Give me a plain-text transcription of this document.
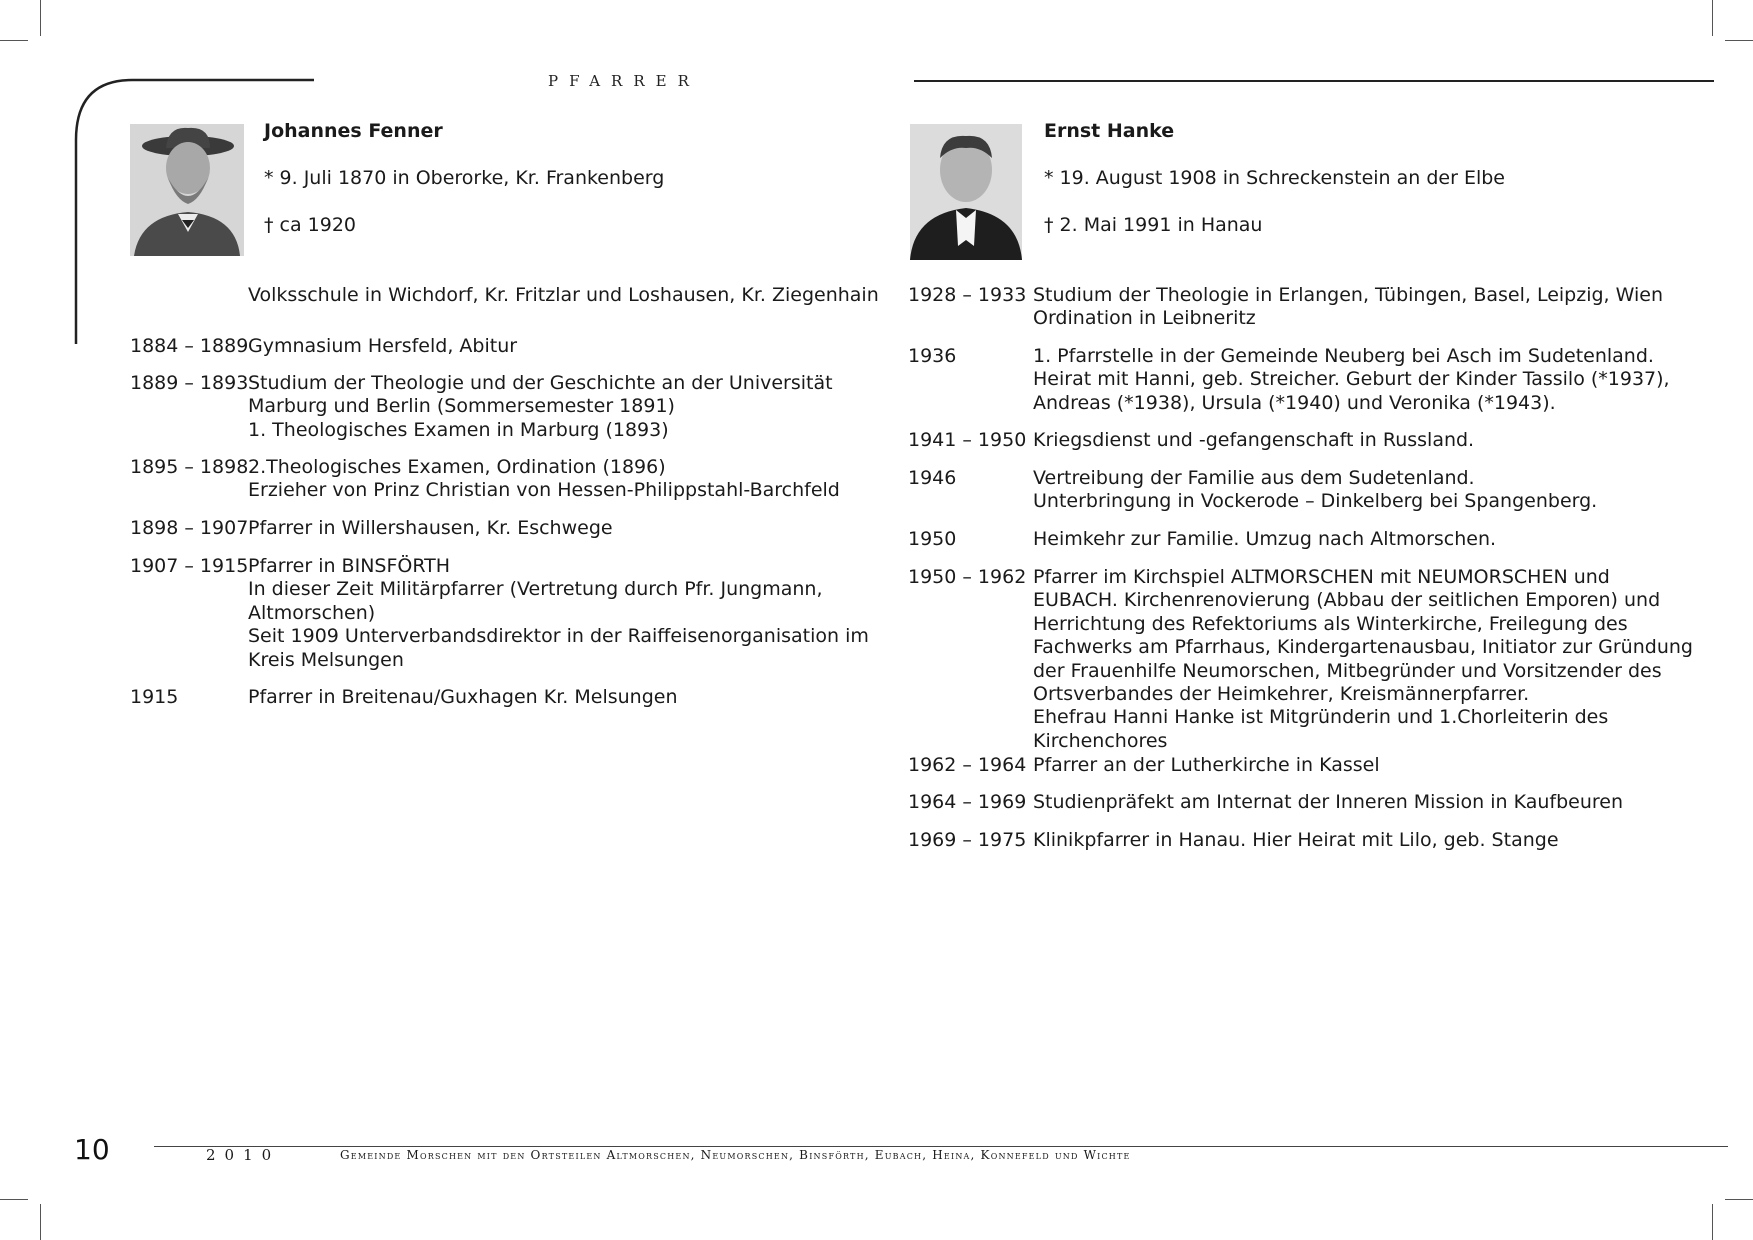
PFARRER
Johannes Fenner
* 9. Juli 1870 in Oberorke, Kr. Frankenberg
† ca 1920
Volksschule in Wichdorf, Kr. Fritzlar und Loshausen, Kr. Ziegenhain
1884 – 1889 Gymnasium Hersfeld, Abitur
1889 – 1893 Studium der Theologie und der Geschichte an der Universität
Marburg und Berlin (Sommersemester 1891)
1. Theologisches Examen in Marburg (1893)
1895 – 1898 2.Theologisches Examen, Ordination (1896)
Erzieher von Prinz Christian von Hessen-Philippstahl-Barchfeld
1898 – 1907 Pfarrer in Willershausen, Kr. Eschwege
1907 – 1915 Pfarrer in BINSFÖRTH
In dieser Zeit Militärpfarrer (Vertretung durch Pfr. Jungmann,
Altmorschen)
Seit 1909 Unterverbandsdirektor in der Raiffeisenorganisation im
Kreis Melsungen
1915	Pfarrer in Breitenau/Guxhagen Kr. Melsungen
Ernst Hanke
* 19. August 1908 in Schreckenstein an der Elbe
† 2. Mai 1991 in Hanau
1928 – 1933 Studium der Theologie in Erlangen, Tübingen, Basel, Leipzig, Wien
Ordination in Leibneritz
1936	1. Pfarrstelle in der Gemeinde Neuberg bei Asch im Sudetenland.
Heirat mit Hanni, geb. Streicher. Geburt der Kinder Tassilo (*1937),
Andreas (*1938), Ursula (*1940) und Veronika (*1943).
1941 – 1950 Kriegsdienst und -gefangenschaft in Russland.
1946	Vertreibung der Familie aus dem Sudetenland.
Unterbringung in Vockerode – Dinkelberg bei Spangenberg.
1950	Heimkehr zur Familie. Umzug nach Altmorschen.
1950 – 1962 Pfarrer im Kirchspiel ALTMORSCHEN mit NEUMORSCHEN und
EUBACH. Kirchenrenovierung (Abbau der seitlichen Emporen) und
Herrichtung des Refektoriums als Winterkirche, Freilegung des
Fachwerks am Pfarrhaus, Kindergartenausbau, Initiator zur Gründung
der Frauenhilfe Neumorschen, Mitbegründer und Vorsitzender des
Ortsverbandes der Heimkehrer, Kreismännerpfarrer.
Ehefrau Hanni Hanke ist Mitgründerin und 1.Chorleiterin des
Kirchenchores
1962 – 1964 Pfarrer an der Lutherkirche in Kassel
1964 – 1969 Studienpräfekt am Internat der Inneren Mission in Kaufbeuren
1969 – 1975 Klinikpfarrer in Hanau. Hier Heirat mit Lilo, geb. Stange
10	2010	Gemeinde Morschen mit den Ortsteilen Altmorschen, Neumorschen, Binsförth, Eubach, Heina, Konnefeld und Wichte
